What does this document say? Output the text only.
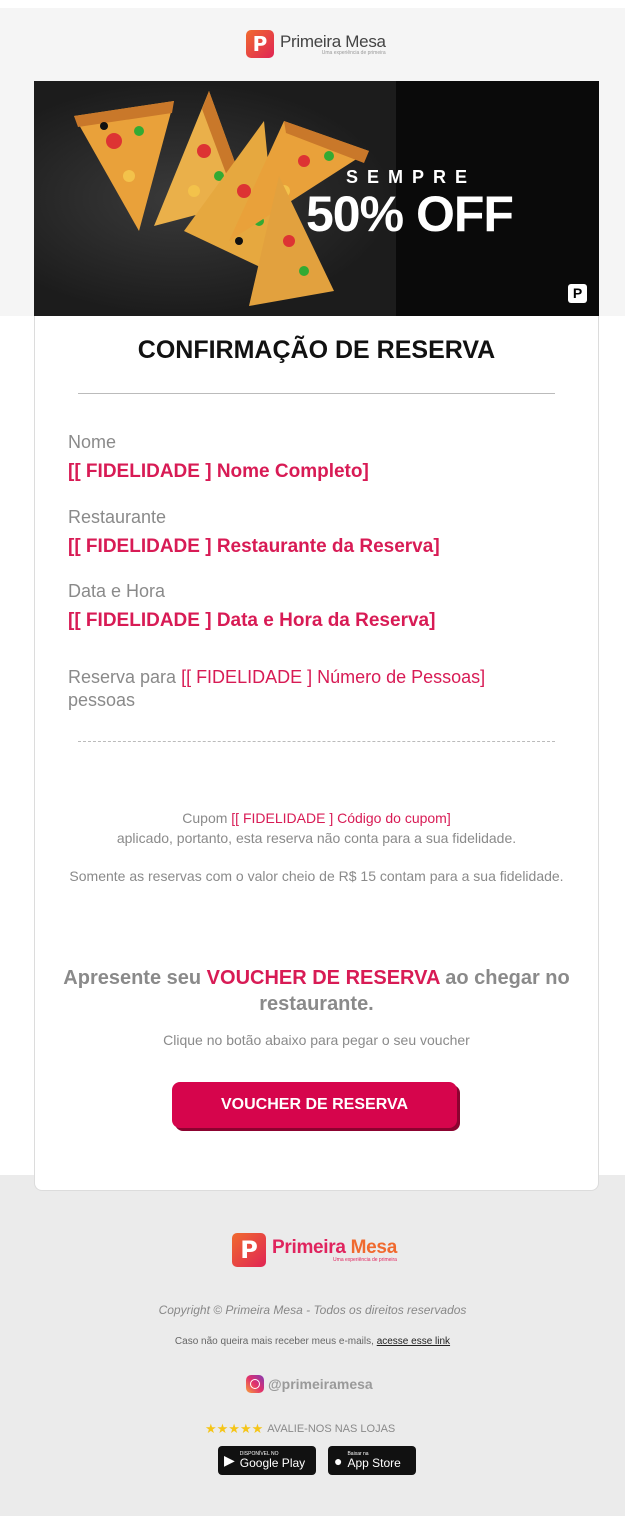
P Primeira Mesa
Uma experiência de primeira
SEMPRE
50% OFF
P
CONFIRMAÇÃO DE RESERVA
Nome
[[ FIDELIDADE ] Nome Completo]
Restaurante
[[ FIDELIDADE ] Restaurante da Reserva]
Data e Hora
[[ FIDELIDADE ] Data e Hora da Reserva]
Reserva para [[ FIDELIDADE ] Número de Pessoas]
pessoas
Cupom [[ FIDELIDADE ] Código do cupom]
aplicado, portanto, esta reserva não conta para a sua fidelidade.
Somente as reservas com o valor cheio de R$ 15 contam para a sua fidelidade.
Apresente seu VOUCHER DE RESERVA ao chegar no restaurante.
Clique no botão abaixo para pegar o seu voucher
VOUCHER DE RESERVA
P Primeira Mesa
Uma experiência de primeira
Copyright © Primeira Mesa - Todos os direitos reservados
Caso não queira mais receber meus e-mails, acesse esse link
@primeiramesa
★★★★★ AVALIE-NOS NAS LOJAS
▶ DISPONÍVEL NO
Google Play ● Baixar na
App Store
